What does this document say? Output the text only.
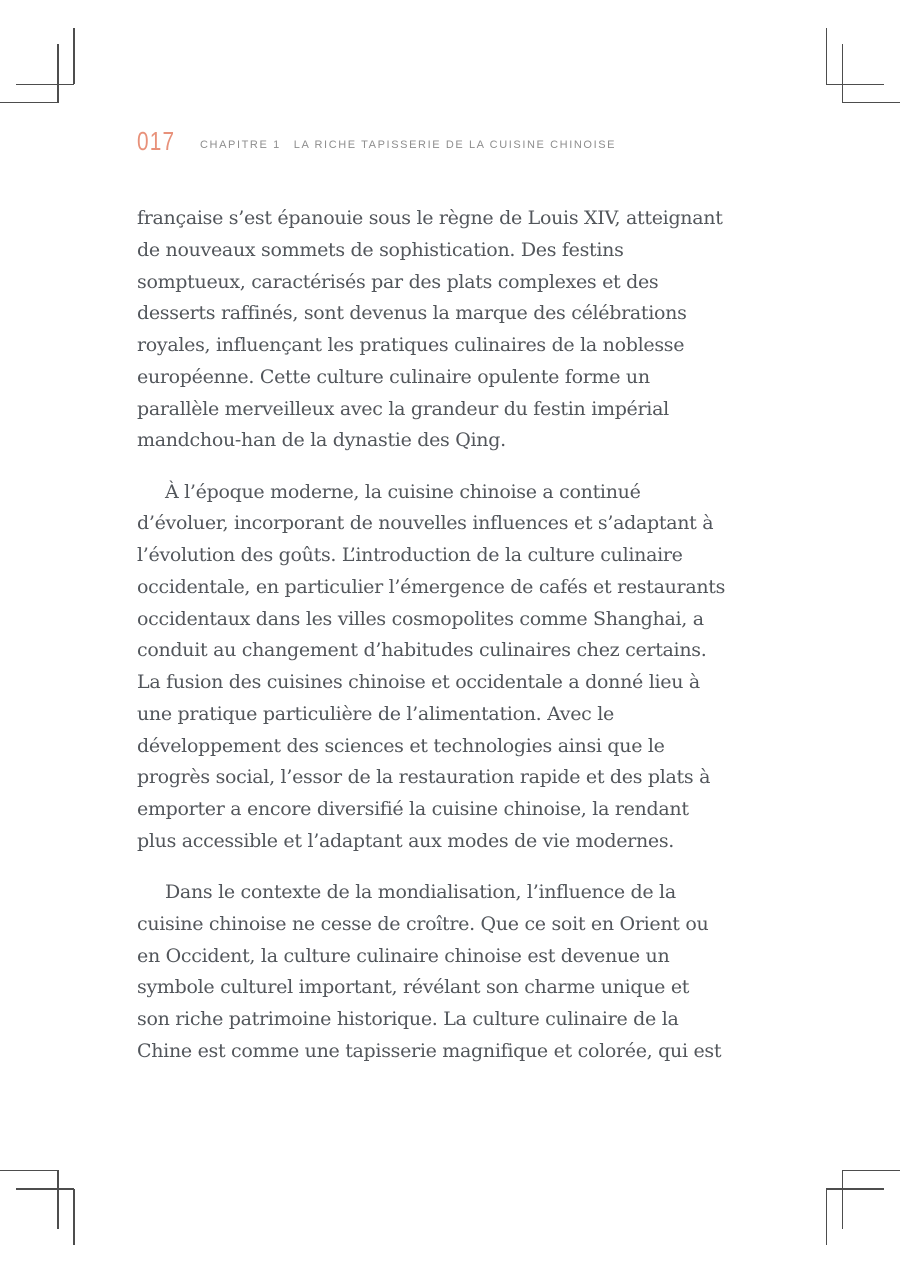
017 CHAPITRE 1 LA RICHE TAPISSERIE DE LA CUISINE CHINOISE

française s’est épanouie sous le règne de Louis XIV, atteignant
de nouveaux sommets de sophistication. Des festins
somptueux, caractérisés par des plats complexes et des
desserts raffinés, sont devenus la marque des célébrations
royales, influençant les pratiques culinaires de la noblesse
européenne. Cette culture culinaire opulente forme un
parallèle merveilleux avec la grandeur du festin impérial
mandchou-han de la dynastie des Qing.

À l’époque moderne, la cuisine chinoise a continué
d’évoluer, incorporant de nouvelles influences et s’adaptant à
l’évolution des goûts. L’introduction de la culture culinaire
occidentale, en particulier l’émergence de cafés et restaurants
occidentaux dans les villes cosmopolites comme Shanghai, a
conduit au changement d’habitudes culinaires chez certains.
La fusion des cuisines chinoise et occidentale a donné lieu à
une pratique particulière de l’alimentation. Avec le
développement des sciences et technologies ainsi que le
progrès social, l’essor de la restauration rapide et des plats à
emporter a encore diversifié la cuisine chinoise, la rendant
plus accessible et l’adaptant aux modes de vie modernes.

Dans le contexte de la mondialisation, l’influence de la
cuisine chinoise ne cesse de croître. Que ce soit en Orient ou
en Occident, la culture culinaire chinoise est devenue un
symbole culturel important, révélant son charme unique et
son riche patrimoine historique. La culture culinaire de la
Chine est comme une tapisserie magnifique et colorée, qui est
